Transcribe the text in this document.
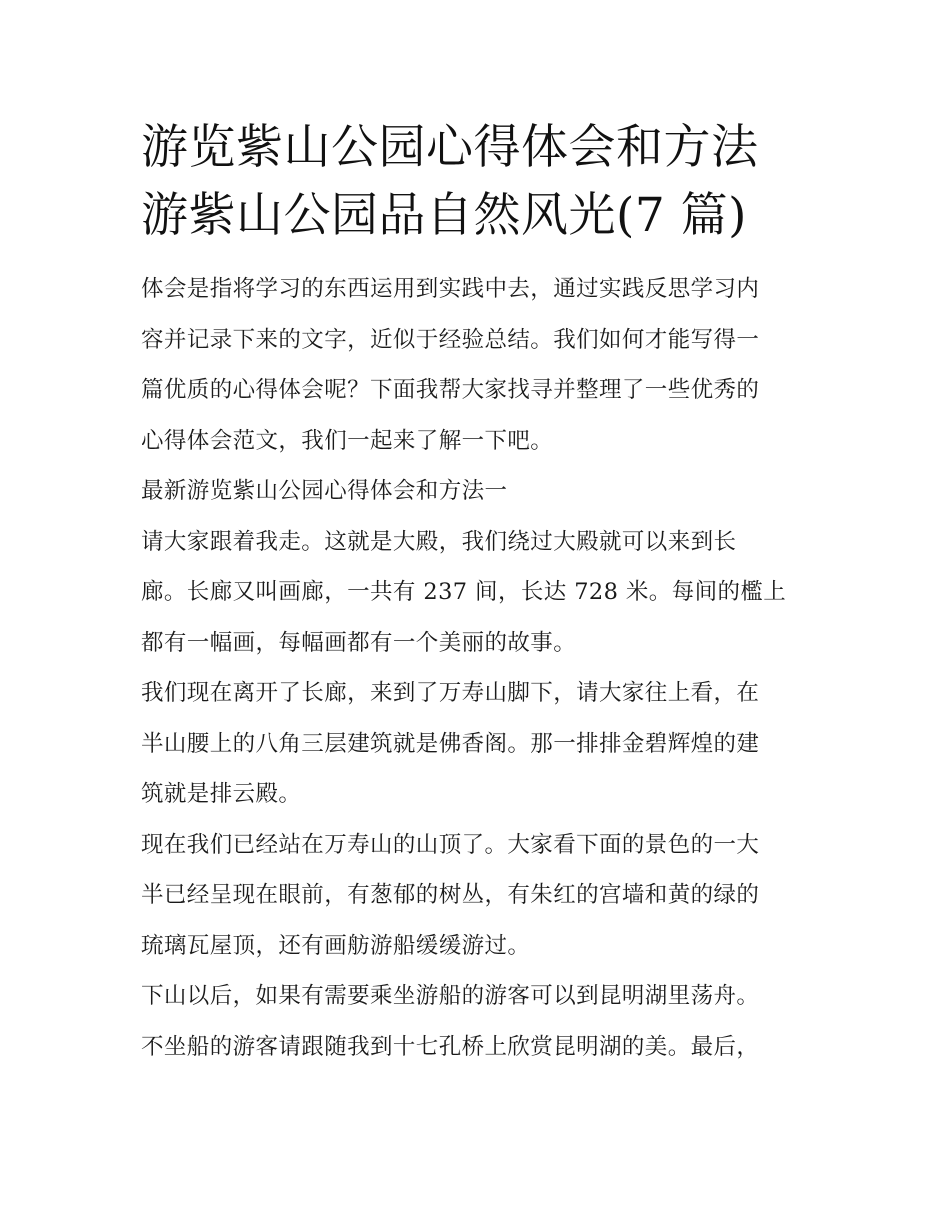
游览紫山公园心得体会和方法
游紫山公园品自然风光(7 篇)

体会是指将学习的东西运用到实践中去，通过实践反思学习内
容并记录下来的文字，近似于经验总结。我们如何才能写得一
篇优质的心得体会呢？下面我帮大家找寻并整理了一些优秀的
心得体会范文，我们一起来了解一下吧。

最新游览紫山公园心得体会和方法一

请大家跟着我走。这就是大殿，我们绕过大殿就可以来到长
廊。长廊又叫画廊，一共有 237 间，长达 728 米。每间的檻上
都有一幅画，每幅画都有一个美丽的故事。

我们现在离开了长廊，来到了万寿山脚下，请大家往上看，在
半山腰上的八角三层建筑就是佛香阁。那一排排金碧辉煌的建
筑就是排云殿。

现在我们已经站在万寿山的山顶了。大家看下面的景色的一大
半已经呈现在眼前，有葱郁的树丛，有朱红的宫墙和黄的绿的
琉璃瓦屋顶，还有画舫游船缓缓游过。

下山以后，如果有需要乘坐游船的游客可以到昆明湖里荡舟。
不坐船的游客请跟随我到十七孔桥上欣赏昆明湖的美。最后，
